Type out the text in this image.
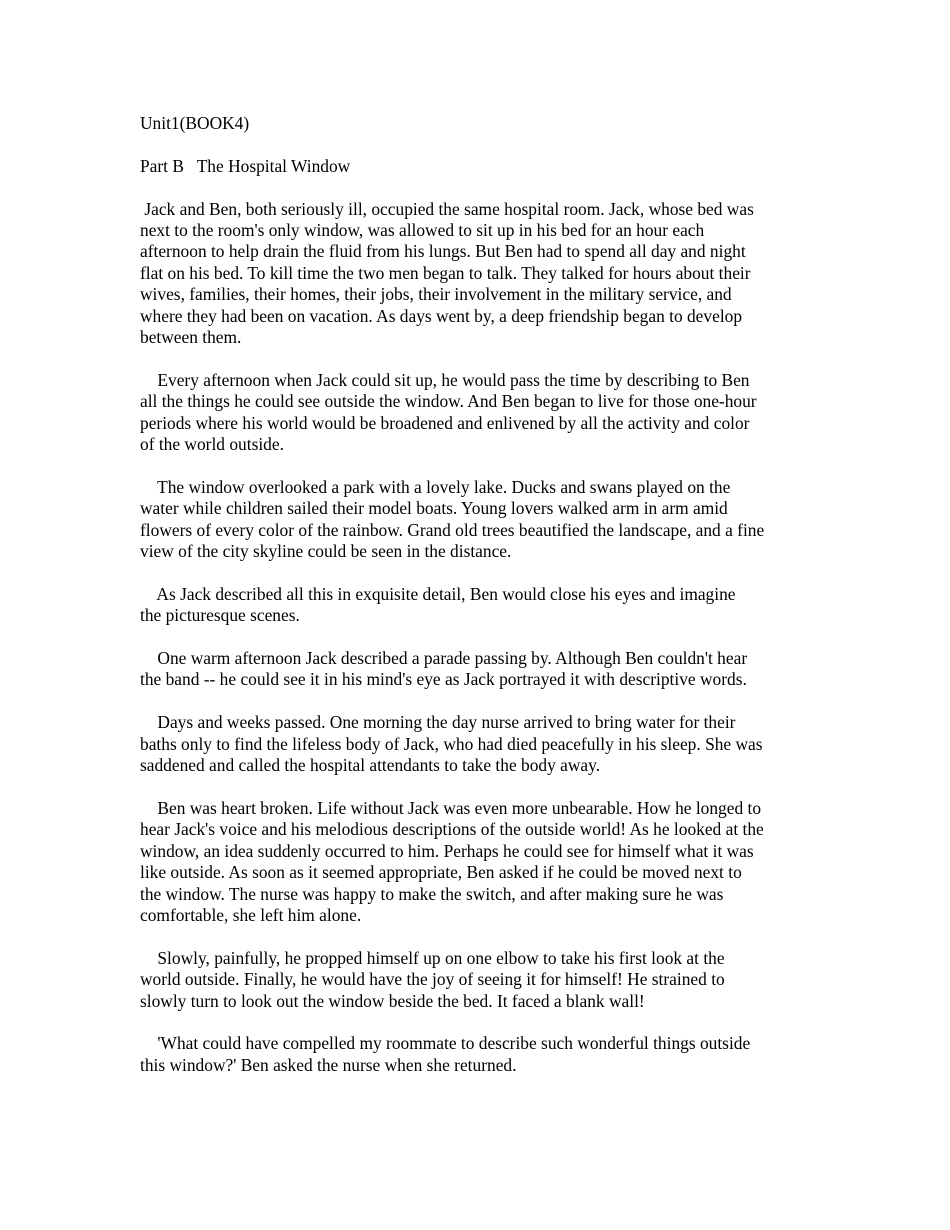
Unit1(BOOK4)
Part B   The Hospital Window
Jack and Ben, both seriously ill, occupied the same hospital room. Jack, whose bed was
next to the room's only window, was allowed to sit up in his bed for an hour each
afternoon to help drain the fluid from his lungs. But Ben had to spend all day and night
flat on his bed. To kill time the two men began to talk. They talked for hours about their
wives, families, their homes, their jobs, their involvement in the military service, and
where they had been on vacation. As days went by, a deep friendship began to develop
between them.
Every afternoon when Jack could sit up, he would pass the time by describing to Ben
all the things he could see outside the window. And Ben began to live for those one-hour
periods where his world would be broadened and enlivened by all the activity and color
of the world outside.
The window overlooked a park with a lovely lake. Ducks and swans played on the
water while children sailed their model boats. Young lovers walked arm in arm amid
flowers of every color of the rainbow. Grand old trees beautified the landscape, and a fine
view of the city skyline could be seen in the distance.
As Jack described all this in exquisite detail, Ben would close his eyes and imagine
the picturesque scenes.
One warm afternoon Jack described a parade passing by. Although Ben couldn't hear
the band -- he could see it in his mind's eye as Jack portrayed it with descriptive words.
Days and weeks passed. One morning the day nurse arrived to bring water for their
baths only to find the lifeless body of Jack, who had died peacefully in his sleep. She was
saddened and called the hospital attendants to take the body away.
Ben was heart broken. Life without Jack was even more unbearable. How he longed to
hear Jack's voice and his melodious descriptions of the outside world! As he looked at the
window, an idea suddenly occurred to him. Perhaps he could see for himself what it was
like outside. As soon as it seemed appropriate, Ben asked if he could be moved next to
the window. The nurse was happy to make the switch, and after making sure he was
comfortable, she left him alone.
Slowly, painfully, he propped himself up on one elbow to take his first look at the
world outside. Finally, he would have the joy of seeing it for himself! He strained to
slowly turn to look out the window beside the bed. It faced a blank wall!
'What could have compelled my roommate to describe such wonderful things outside
this window?' Ben asked the nurse when she returned.
